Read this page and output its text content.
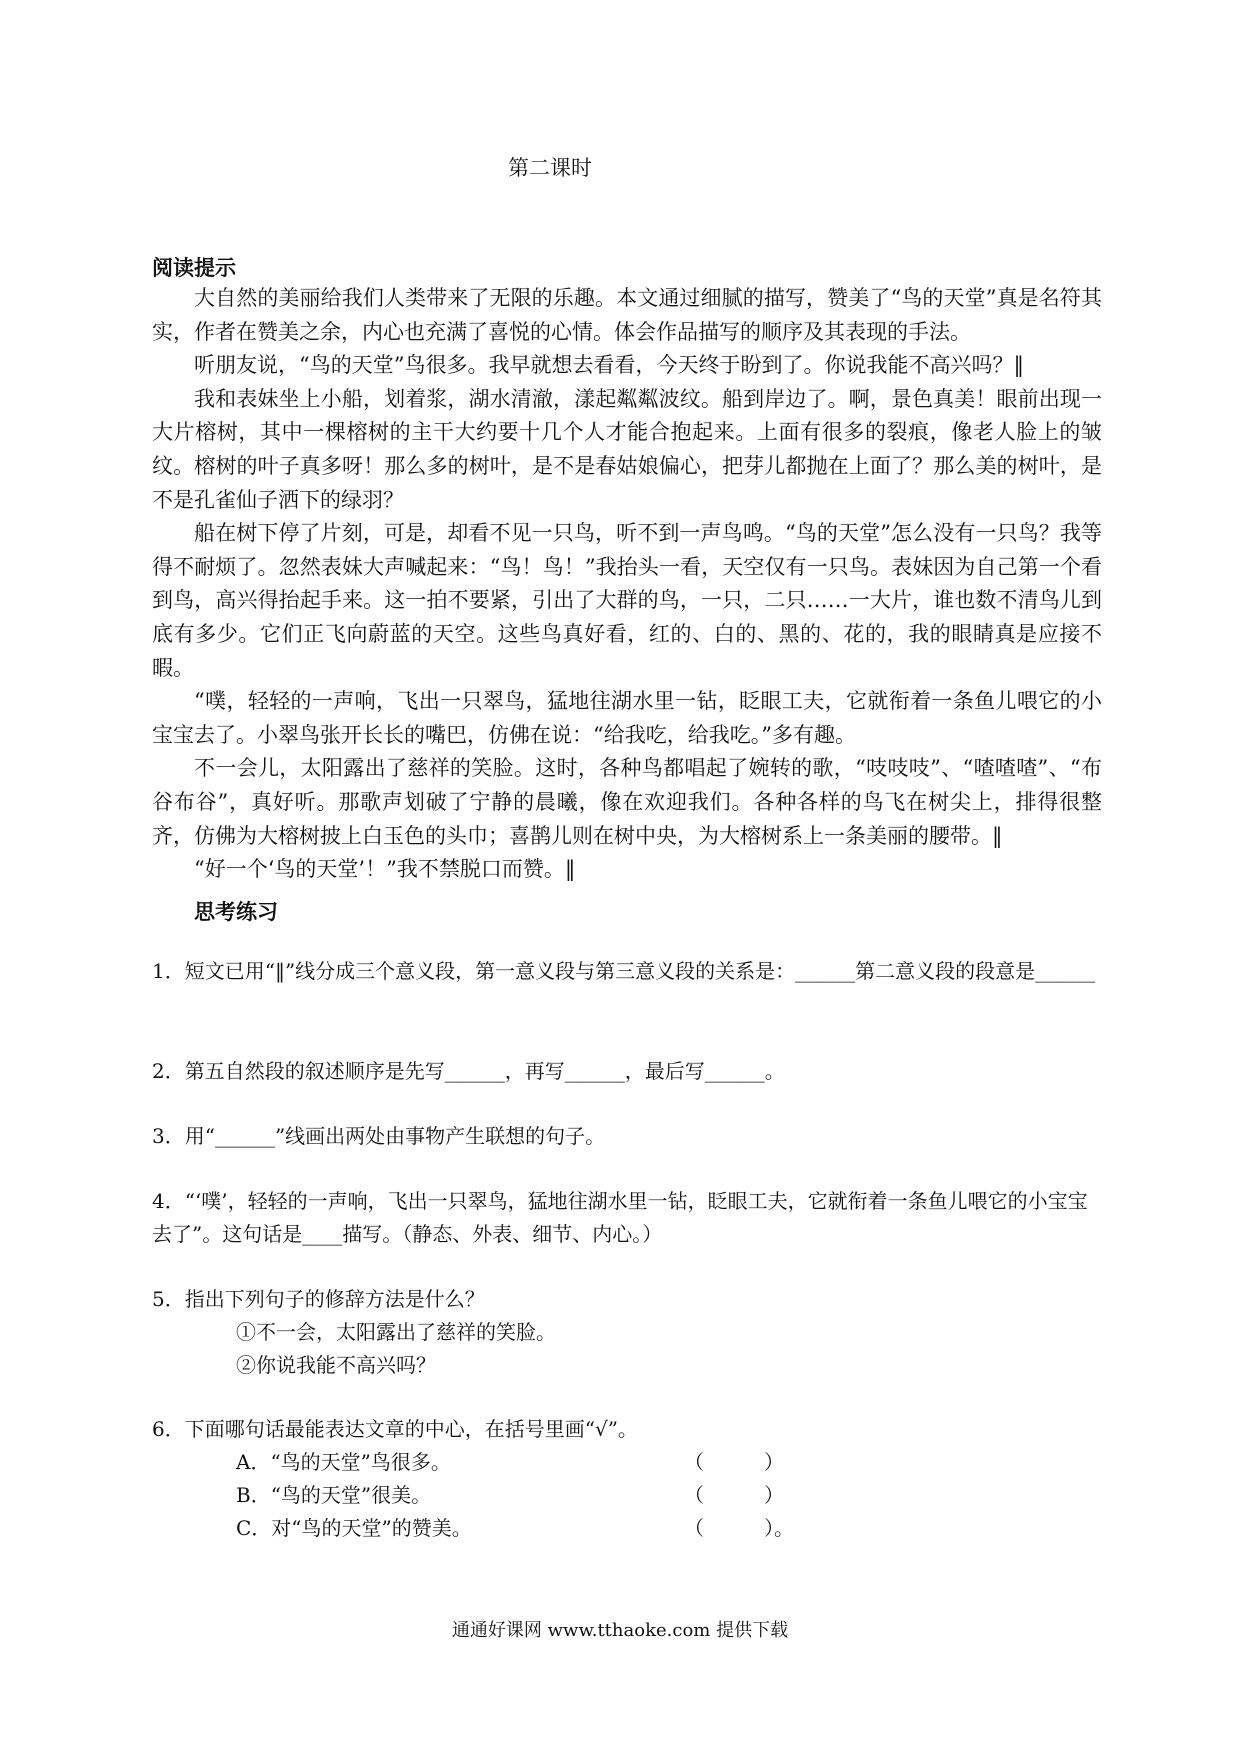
第二课时
阅读提示

大自然的美丽给我们人类带来了无限的乐趣。本文通过细腻的描写，赞美了“鸟的天堂”真是名符其实，作者在赞美之余，内心也充满了喜悦的心情。体会作品描写的顺序及其表现的手法。

听朋友说，“鸟的天堂”鸟很多。我早就想去看看，今天终于盼到了。你说我能不高兴吗？‖

我和表妹坐上小船，划着浆，湖水清澈，漾起粼粼波纹。船到岸边了。啊，景色真美！眼前出现一大片榕树，其中一棵榕树的主干大约要十几个人才能合抱起来。上面有很多的裂痕，像老人脸上的皱纹。榕树的叶子真多呀！那么多的树叶，是不是春姑娘偏心，把芽儿都抛在上面了？那么美的树叶，是不是孔雀仙子洒下的绿羽？

船在树下停了片刻，可是，却看不见一只鸟，听不到一声鸟鸣。“鸟的天堂”怎么没有一只鸟？我等得不耐烦了。忽然表妹大声喊起来：“鸟！鸟！”我抬头一看，天空仅有一只鸟。表妹因为自己第一个看到鸟，高兴得抬起手来。这一拍不要紧，引出了大群的鸟，一只，二只……一大片，谁也数不清鸟儿到底有多少。它们正飞向蔚蓝的天空。这些鸟真好看，红的、白的、黑的、花的，我的眼睛真是应接不暇。

“噗，轻轻的一声响，飞出一只翠鸟，猛地往湖水里一钻，眨眼工夫，它就衔着一条鱼儿喂它的小宝宝去了。小翠鸟张开长长的嘴巴，仿佛在说：“给我吃，给我吃。”多有趣。

不一会儿，太阳露出了慈祥的笑脸。这时，各种鸟都唱起了婉转的歌，“吱吱吱”、“喳喳喳”、“布谷布谷”，真好听。那歌声划破了宁静的晨曦，像在欢迎我们。各种各样的鸟飞在树尖上，排得很整齐，仿佛为大榕树披上白玉色的头巾；喜鹊儿则在树中央，为大榕树系上一条美丽的腰带。‖

“好一个‘鸟的天堂’！”我不禁脱口而赞。‖

思考练习
1．短文已用“‖”线分成三个意义段，第一意义段与第三意义段的关系是：______第二意义段的段意是______
2．第五自然段的叙述顺序是先写______，再写______，最后写______。
3．用“______”线画出两处由事物产生联想的句子。
4．“‘噗’，轻轻的一声响，飞出一只翠鸟，猛地往湖水里一钻，眨眼工夫，它就衔着一条鱼儿喂它的小宝宝去了”。这句话是____描写。（静态、外表、细节、内心。）
5．指出下列句子的修辞方法是什么？
①不一会，太阳露出了慈祥的笑脸。
②你说我能不高兴吗？
6．下面哪句话最能表达文章的中心，在括号里画“√”。
A．“鸟的天堂”鸟很多。	（　　　）
B．“鸟的天堂”很美。	（　　　）
C．对“鸟的天堂”的赞美。	（　　　）。
通通好课网 www.tthaoke.com 提供下载
